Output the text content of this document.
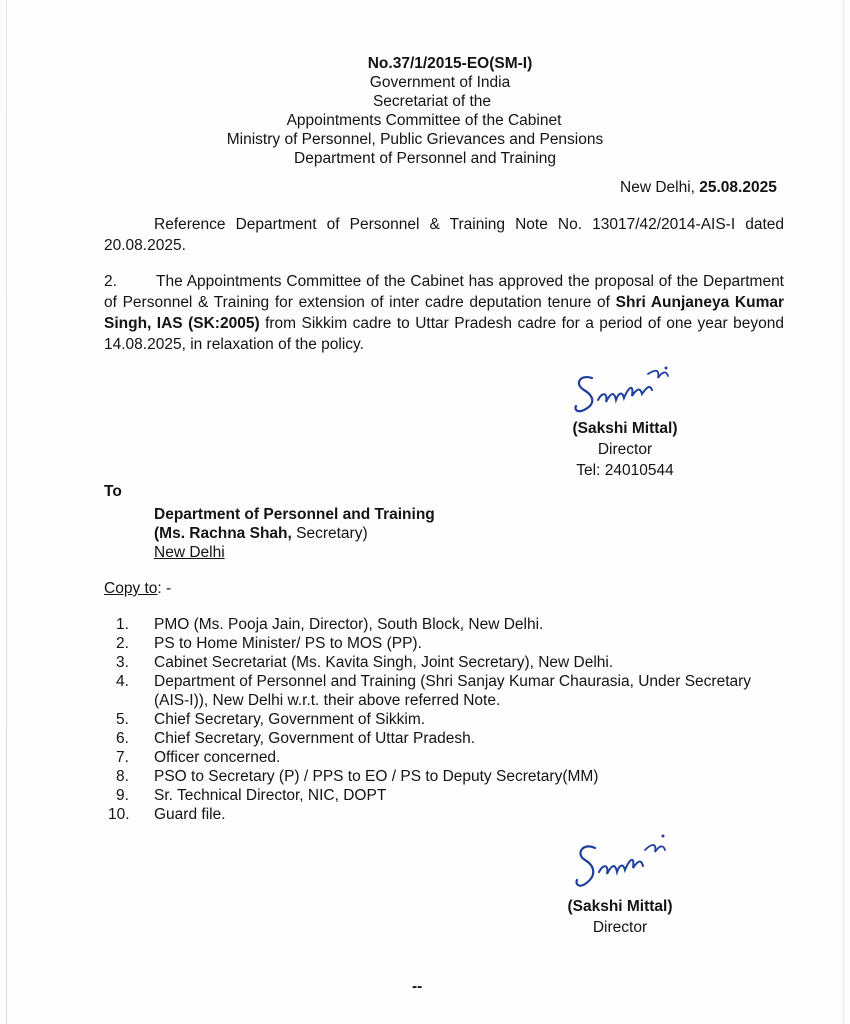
No.37/1/2015-EO(SM-I)
Government of India
Secretariat of the
Appointments Committee of the Cabinet
Ministry of Personnel, Public Grievances and Pensions
Department of Personnel and Training
New Delhi, 25.08.2025
Reference Department of Personnel & Training Note No. 13017/42/2014-AIS-I dated 20.08.2025.
2.	The Appointments Committee of the Cabinet has approved the proposal of the Department of Personnel & Training for extension of inter cadre deputation tenure of Shri Aunjaneya Kumar Singh, IAS (SK:2005) from Sikkim cadre to Uttar Pradesh cadre for a period of one year beyond 14.08.2025, in relaxation of the policy.
(Sakshi Mittal)
Director
Tel: 24010544
To
Department of Personnel and Training
(Ms. Rachna Shah, Secretary)
New Delhi
Copy to: -
1.	PMO (Ms. Pooja Jain, Director), South Block, New Delhi.
2.	PS to Home Minister/ PS to MOS (PP).
3.	Cabinet Secretariat (Ms. Kavita Singh, Joint Secretary), New Delhi.
4.	Department of Personnel and Training (Shri Sanjay Kumar Chaurasia, Under Secretary (AIS-I)), New Delhi w.r.t. their above referred Note.
5.	Chief Secretary, Government of Sikkim.
6.	Chief Secretary, Government of Uttar Pradesh.
7.	Officer concerned.
8.	PSO to Secretary (P) / PPS to EO / PS to Deputy Secretary(MM)
9.	Sr. Technical Director, NIC, DOPT
10.	Guard file.
(Sakshi Mittal)
Director
--
